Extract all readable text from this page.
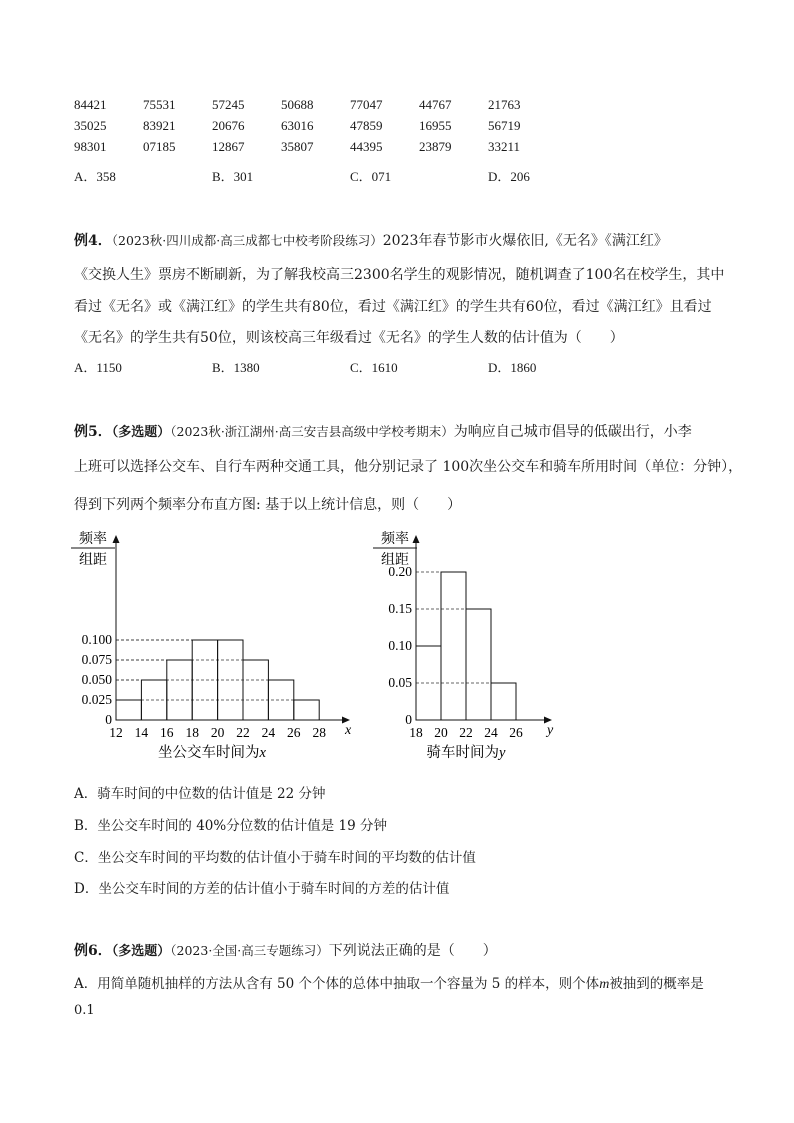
84421	75531	57245	50688	77047	44767	21763
35025	83921	20676	63016	47859	16955	56719
98301	07185	12867	35807	44395	23879	33211
A．358	B．301	C．071	D．206
例4．（2023秋·四川成都·高三成都七中校考阶段练习）2023年春节影市火爆依旧,《无名》《满江红》
《交换人生》票房不断刷新，为了解我校高三2300名学生的观影情况，随机调查了100名在校学生，其中
看过《无名》或《满江红》的学生共有80位，看过《满江红》的学生共有60位，看过《满江红》且看过
《无名》的学生共有50位，则该校高三年级看过《无名》的学生人数的估计值为（　　）
A．1150	B．1380	C．1610	D．1860
例5．（多选题）（2023秋·浙江湖州·高三安吉县高级中学校考期末）为响应自己城市倡导的低碳出行，小李
上班可以选择公交车、自行车两种交通工具，他分别记录了 100次坐公交车和骑车所用时间（单位：分钟），
得到下列两个频率分布直方图: 基于以上统计信息，则（　　）
0
0.025
0.050
0.075
0.100
12 14 16 18 20 22 24 26 28 x
频率
组距
坐公交车时间为x
0
0.05
0.10
0.15
0.20
18 20 22 24 26 y
频率
组距
骑车时间为y
A．骑车时间的中位数的估计值是 22 分钟
B．坐公交车时间的 40%分位数的估计值是 19 分钟
C．坐公交车时间的平均数的估计值小于骑车时间的平均数的估计值
D．坐公交车时间的方差的估计值小于骑车时间的方差的估计值
例6．（多选题）（2023·全国·高三专题练习）下列说法正确的是（　　）
A．用简单随机抽样的方法从含有 50 个个体的总体中抽取一个容量为 5 的样本，则个体m被抽到的概率是
0.1
